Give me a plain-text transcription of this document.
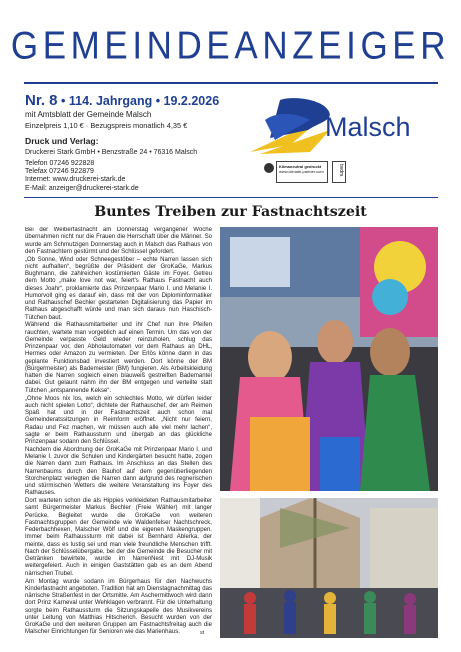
GEMEINDEANZEIGER
Nr. 8 • 114. Jahrgang • 19.2.2026
mit Amtsblatt der Gemeinde Malsch
Einzelpreis 1,10 € · Bezugspreis monatlich 4,35 €
Druck und Verlag:
Druckerei Stark GmbH • Benzstraße 24 • 76316 Malsch
Telefon 07246 922828
Telefax 07246 922879
Internet: www.druckerei-stark.de
E-Mail: anzeiger@druckerei-stark.de
Malsch
Klimaneutral gedruckt
www.climate-partner.com	bvdm.
Buntes Treiben zur Fastnachtszeit

Bei der Weiberfastnacht am Donnerstag vergangener Woche übernahmen nicht nur die Frauen die Herrschaft über die Männer. So wurde am Schmutzigen Donnerstag auch in Malsch das Rathaus von den Fastnachtern gestürmt und der Schlüssel gefordert.

„Ob Sonne, Wind oder Schneegestöber – echte Narren lassen sich nicht aufhalten“, begrüßte der Präsident der GroKaGe, Markus Bughmann, die zahlreichen kostümierten Gäste im Foyer. Getreu dem Motto „make love not war, feiert's Rathaus Fastnacht auch dieses Joahr“, proklamierte das Prinzenpaar Mario I. und Melanie I. Humorvoll ging es darauf ein, dass mit der von Diplominformatiker und Rathauschef Bechler gestarteten Digitalisierung das Papier im Rathaus abgeschafft würde und man sich daraus nun Haschisch-Tütchen baut.

Während die Rathausmitarbeiter und ihr Chef nun ihre Pfeifen rauchten, wartete man vorgeblich auf einen Termin. Um das von der Gemeinde verpasste Geld wieder reinzuholen, schlug das Prinzenpaar vor, den Abholautomaten vor dem Rathaus an DHL, Hermes oder Amazon zu vermieten. Der Erlös könne dann in das geplante Funktionsbad investiert werden. Dort könne der BM (Bürgermeister) als Bademeister (BM) fungieren. Als Arbeitskleidung hatten die Narren sogleich einen blauweiß gestreiften Bademantel dabei. Gut gelaunt nahm ihn der BM entgegen und verteilte statt Tütchen „entspannende Kekse“.

„Ohne Moos nix los, welch ein schlechtes Motto, wir dürfen leider auch nicht spielen Lotto“, dichtete der Rathauschef, der am Reimen Spaß hat und in der Fastnachtszeit auch schon mal Gemeinderatssitzungen in Reimform eröffnet. „Nicht nur feiern, Radau und Fez machen, wir müssen auch alle viel mehr lachen“, sagte er beim Rathaussturm und übergab an das glückliche Prinzenpaar sodann den Schlüssel.

Nachdem die Abordnung der GroKaGe mit Prinzenpaar Mario I. und Melanie I. zuvor die Schulen und Kindergärten besucht hatte, zogen die Narren dann zum Rathaus. Im Anschluss an das Stellen des Narrenbaums durch den Bauhof auf dem gegenüberliegenden Storchenplatz verlegten die Narren dann aufgrund des regnerischen und stürmischen Wetters die weitere Veranstaltung ins Foyer des Rathauses.

Dort warteten schon die als Hippies verkleideten Rathausmitarbeiter samt Bürgermeister Markus Bechler (Freie Wähler) mit langer Perücke. Begleitet wurde die GroKaGe von weiteren Fastnachtsgruppen der Gemeinde wie Waldenfelser Nachtschreck, Federbachhexen, Malscher Wölf und die eigenen Maskengruppen. Immer beim Rathaussturm mit dabei ist Bernhard Ablerka, der meinte, dass es lustig sei und man viele freundliche Menschen trifft. Nach der Schlüsselübergabe, bei der die Gemeinde die Besucher mit Getränken bewirtete, wurde im NarrenNest mit DJ-Musik weitergefeiert. Auch in einigen Gaststätten gab es an dem Abend närrischen Trubel.

Am Montag wurde sodann im Bürgerhaus für den Nachwuchs Kinderfastnacht angeboten. Tradition hat am Dienstagnachmittag das närrische Straßenfest in der Ortsmitte. Am Aschermittwoch wird dann dort Prinz Karneval unter Wehklagen verbrannt. Für die Unterhaltung sorgte beim Rathaussturm die Sitzungskapelle des Musikvereins unter Leitung von Matthias Hitscherich. Besucht wurden von der GroKaGe und den weiteren Gruppen am Fastnachtsfreitag auch die Malscher Einrichtungen für Senioren wie das Marienhaus.	st
